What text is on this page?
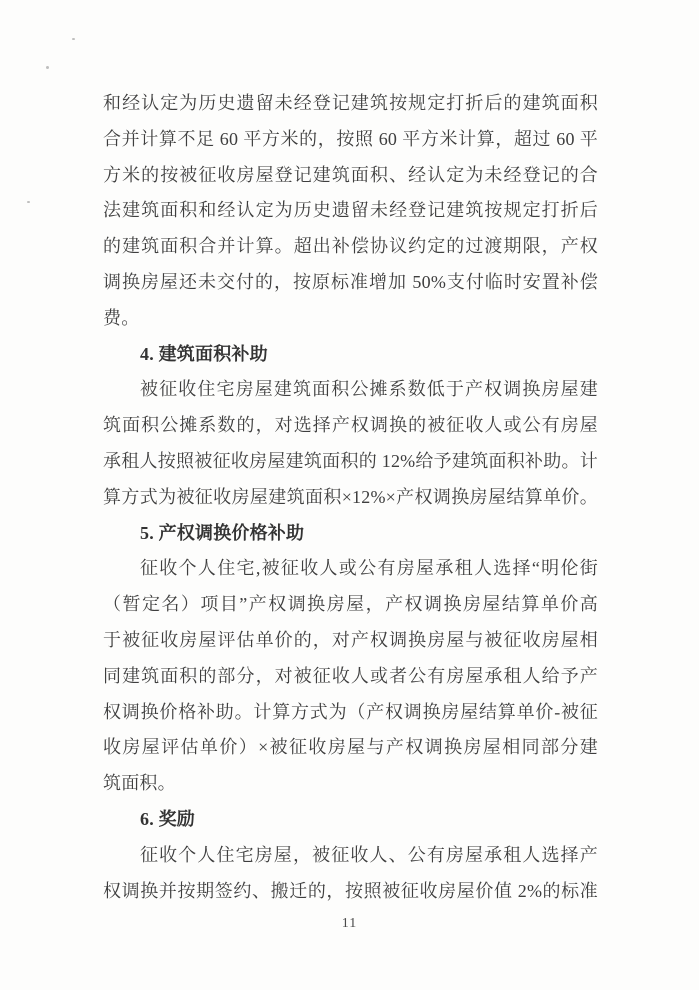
和经认定为历史遗留未经登记建筑按规定打折后的建筑面积
合并计算不足 60 平方米的，按照 60 平方米计算，超过 60 平
方米的按被征收房屋登记建筑面积、经认定为未经登记的合
法建筑面积和经认定为历史遗留未经登记建筑按规定打折后
的建筑面积合并计算。超出补偿协议约定的过渡期限，产权
调换房屋还未交付的，按原标准增加 50%支付临时安置补偿
费。
4. 建筑面积补助
被征收住宅房屋建筑面积公摊系数低于产权调换房屋建
筑面积公摊系数的，对选择产权调换的被征收人或公有房屋
承租人按照被征收房屋建筑面积的 12%给予建筑面积补助。计
算方式为被征收房屋建筑面积×12%×产权调换房屋结算单价。
5. 产权调换价格补助
征收个人住宅,被征收人或公有房屋承租人选择“明伦街
（暂定名）项目”产权调换房屋，产权调换房屋结算单价高
于被征收房屋评估单价的，对产权调换房屋与被征收房屋相
同建筑面积的部分，对被征收人或者公有房屋承租人给予产
权调换价格补助。计算方式为（产权调换房屋结算单价-被征
收房屋评估单价）×被征收房屋与产权调换房屋相同部分建
筑面积。
6. 奖励
征收个人住宅房屋，被征收人、公有房屋承租人选择产
权调换并按期签约、搬迁的，按照被征收房屋价值 2%的标准
11
